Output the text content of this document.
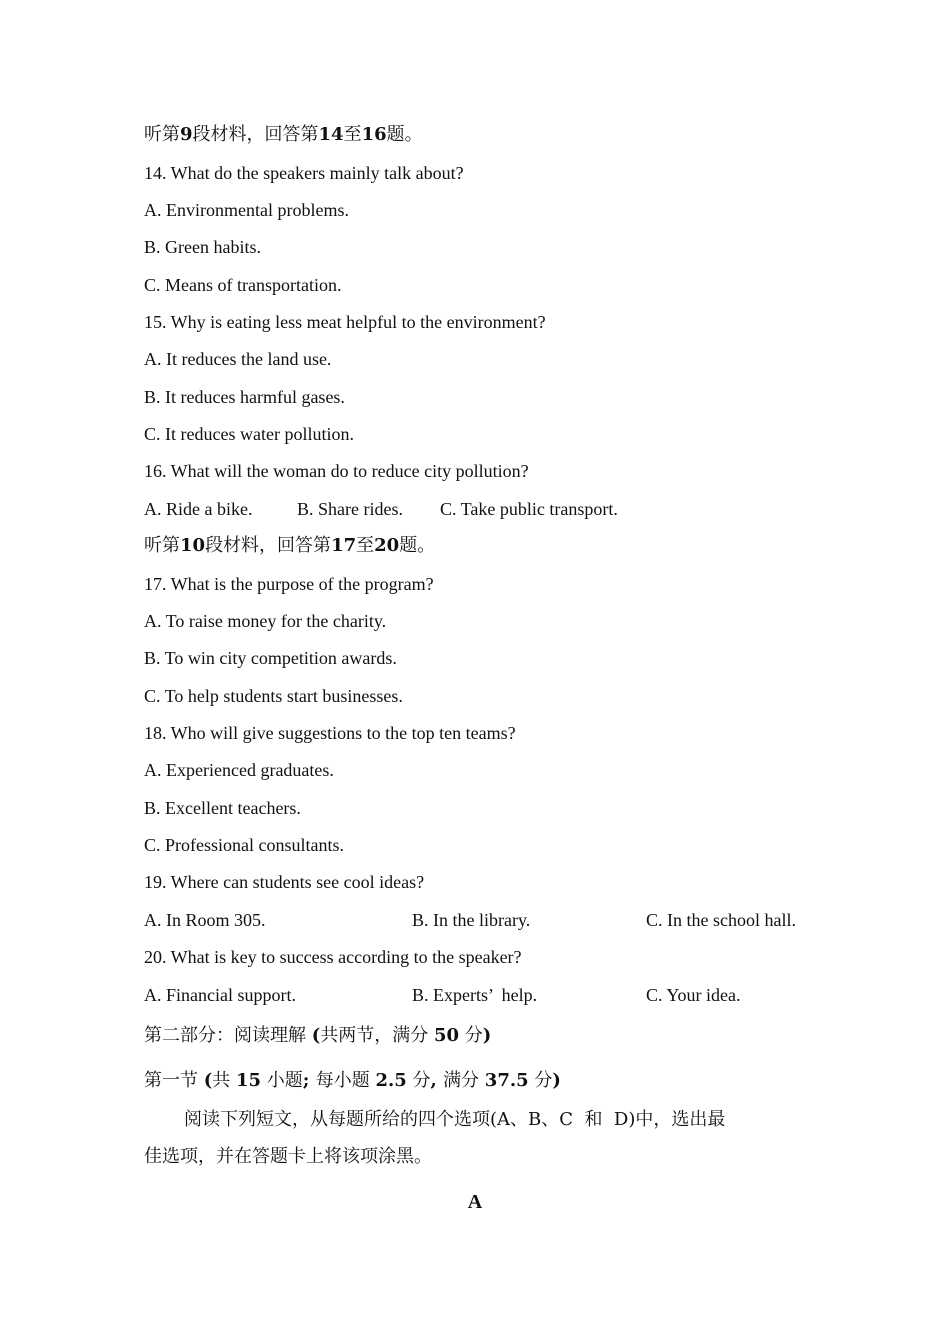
听第9段材料，回答第14至16题。
14. What do the speakers mainly talk about?
A. Environmental problems.
B. Green habits.
C. Means of transportation.
15. Why is eating less meat helpful to the environment?
A. It reduces the land use.
B. It reduces harmful gases.
C. It reduces water pollution.
16. What will the woman do to reduce city pollution?
A. Ride a bike. B. Share rides. C. Take public transport.
听第10段材料，回答第17至20题。
17. What is the purpose of the program?
A. To raise money for the charity.
B. To win city competition awards.
C. To help students start businesses.
18. Who will give suggestions to the top ten teams?
A. Experienced graduates.
B. Excellent teachers.
C. Professional consultants.
19. Where can students see cool ideas?
A. In Room 305.	B. In the library.	C. In the school hall.
20. What is key to success according to the speaker?
A. Financial support.	B. Experts’  help.	C. Your idea.
第二部分：阅读理解 (共两节，满分 50 分)
第一节 (共 15 小题; 每小题 2.5 分, 满分 37.5 分)
阅读下列短文，从每题所给的四个选项(A、B、C  和  D)中，选出最
佳选项，并在答题卡上将该项涂黑。
A
